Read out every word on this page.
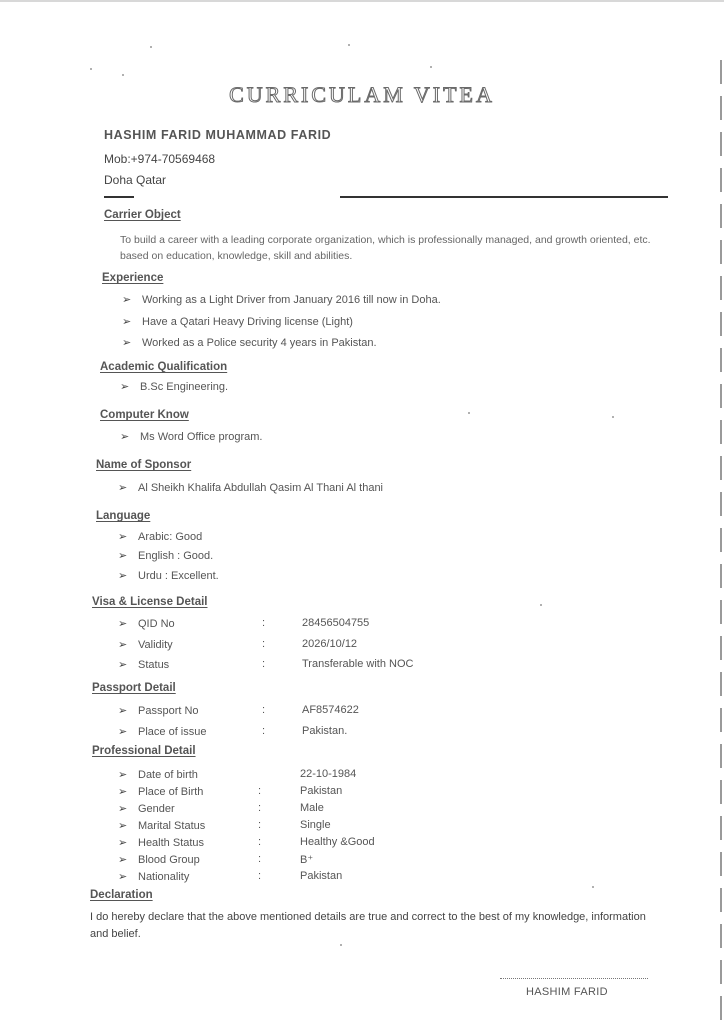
CURRICULAM VITEA
HASHIM FARID MUHAMMAD FARID
Mob:+974-70569468
Doha Qatar
Carrier Object
To build a career with a leading corporate organization, which is professionally managed, and growth oriented, etc. based on education, knowledge, skill and abilities.
Experience
➢ Working as a Light Driver from January 2016 till now in Doha.
➢ Have a Qatari Heavy Driving license (Light)
➢ Worked as a Police security 4 years in Pakistan.
Academic Qualification
➢ B.Sc Engineering.
Computer Know
➢ Ms Word Office program.
Name of Sponsor
➢ Al Sheikh Khalifa Abdullah Qasim Al Thani Al thani
Language
➢ Arabic: Good
➢ English : Good.
➢ Urdu : Excellent.
Visa & License Detail
➢ QID No	:	28456504755
➢ Validity	:	2026/10/12
➢ Status	:	Transferable with NOC
Passport Detail
➢ Passport No	:	AF8574622
➢ Place of issue	:	Pakistan.
Professional Detail
➢ Date of birth	22-10-1984
➢ Place of Birth	:	Pakistan
➢ Gender	:	Male
➢ Marital Status	:	Single
➢ Health Status	:	Healthy &Good
➢ Blood Group	:	B⁺
➢ Nationality	:	Pakistan
Declaration
I do hereby declare that the above mentioned details are true and correct to the best of my knowledge, information and belief.
HASHIM FARID
